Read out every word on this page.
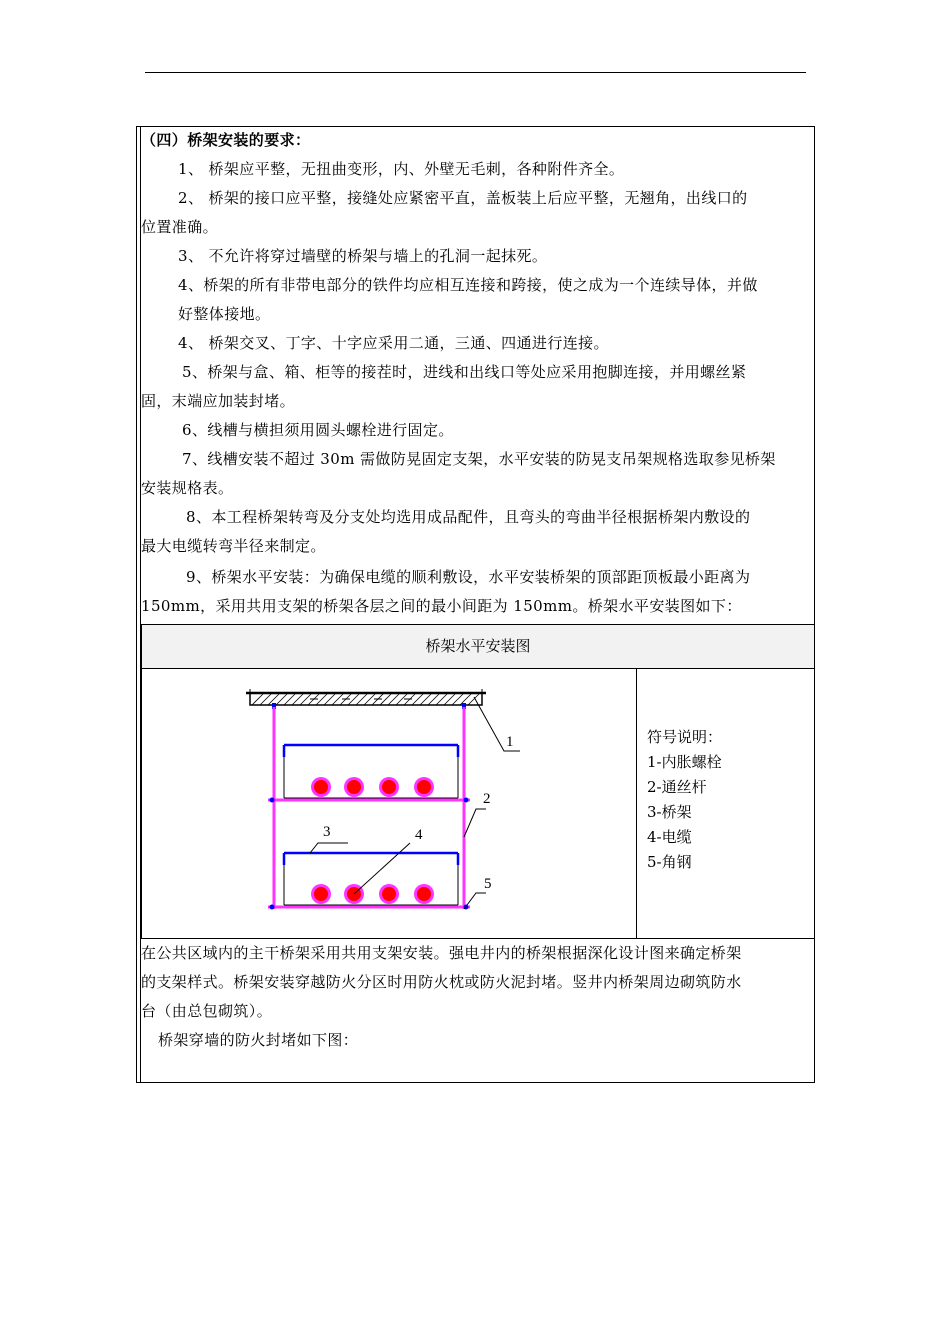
（四）桥架安装的要求：
1、 桥架应平整，无扭曲变形，内、外壁无毛刺，各种附件齐全。
2、 桥架的接口应平整，接缝处应紧密平直，盖板装上后应平整，无翘角，出线口的
位置准确。
3、 不允许将穿过墙壁的桥架与墙上的孔洞一起抹死。
4、桥架的所有非带电部分的铁件均应相互连接和跨接，使之成为一个连续导体，并做
好整体接地。
4、 桥架交叉、丁字、十字应采用二通，三通、四通进行连接。
5、桥架与盒、箱、柜等的接茬时，进线和出线口等处应采用抱脚连接，并用螺丝紧
固，末端应加装封堵。
6、线槽与横担须用圆头螺栓进行固定。
7、线槽安装不超过 30m 需做防晃固定支架，水平安装的防晃支吊架规格选取参见桥架
安装规格表。
8、本工程桥架转弯及分支处均选用成品配件，且弯头的弯曲半径根据桥架内敷设的
最大电缆转弯半径来制定。
9、桥架水平安装：为确保电缆的顺利敷设，水平安装桥架的顶部距顶板最小距离为
150mm，采用共用支架的桥架各层之间的最小间距为 150mm。桥架水平安装图如下：
桥架水平安装图
1
2
3	4
5
符号说明：
1-内胀螺栓
2-通丝杆
3-桥架
4-电缆
5-角钢
在公共区域内的主干桥架采用共用支架安装。强电井内的桥架根据深化设计图来确定桥架
的支架样式。桥架安装穿越防火分区时用防火枕或防火泥封堵。竖井内桥架周边砌筑防水
台（由总包砌筑）。
桥架穿墙的防火封堵如下图：
